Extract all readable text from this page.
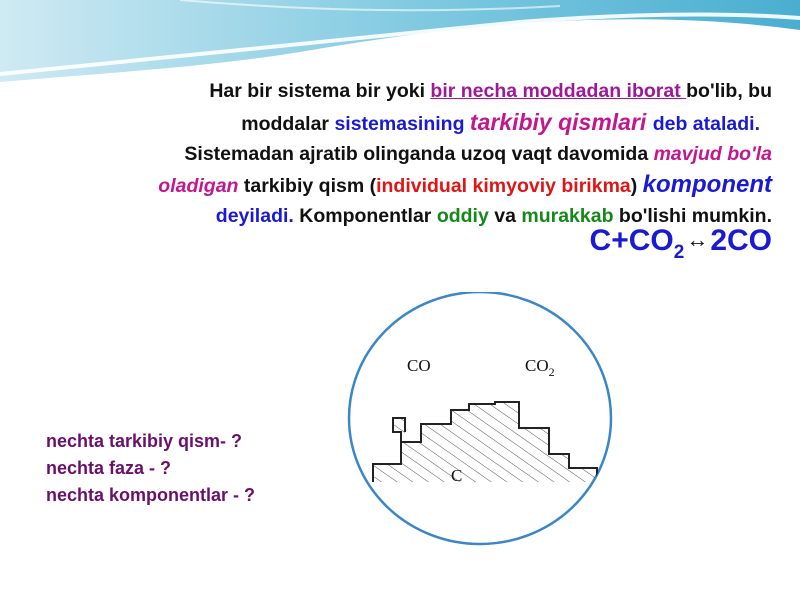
Har bir sistema bir yoki bir necha moddadan iborat bo'lib, bu
moddalar sistemasining tarkibiy qismlari deb ataladi.
Sistemadan ajratib olinganda uzoq vaqt davomida mavjud bo'la
oladigan tarkibiy qism (individual kimyoviy birikma) komponent
deyiladi. Komponentlar oddiy va murakkab bo'lishi mumkin.
$C+CO_2\leftrightarrow 2CO$
nechta tarkibiy qism- ?
nechta faza - ?
nechta komponentlar - ?
CO	$CO_2$
C
